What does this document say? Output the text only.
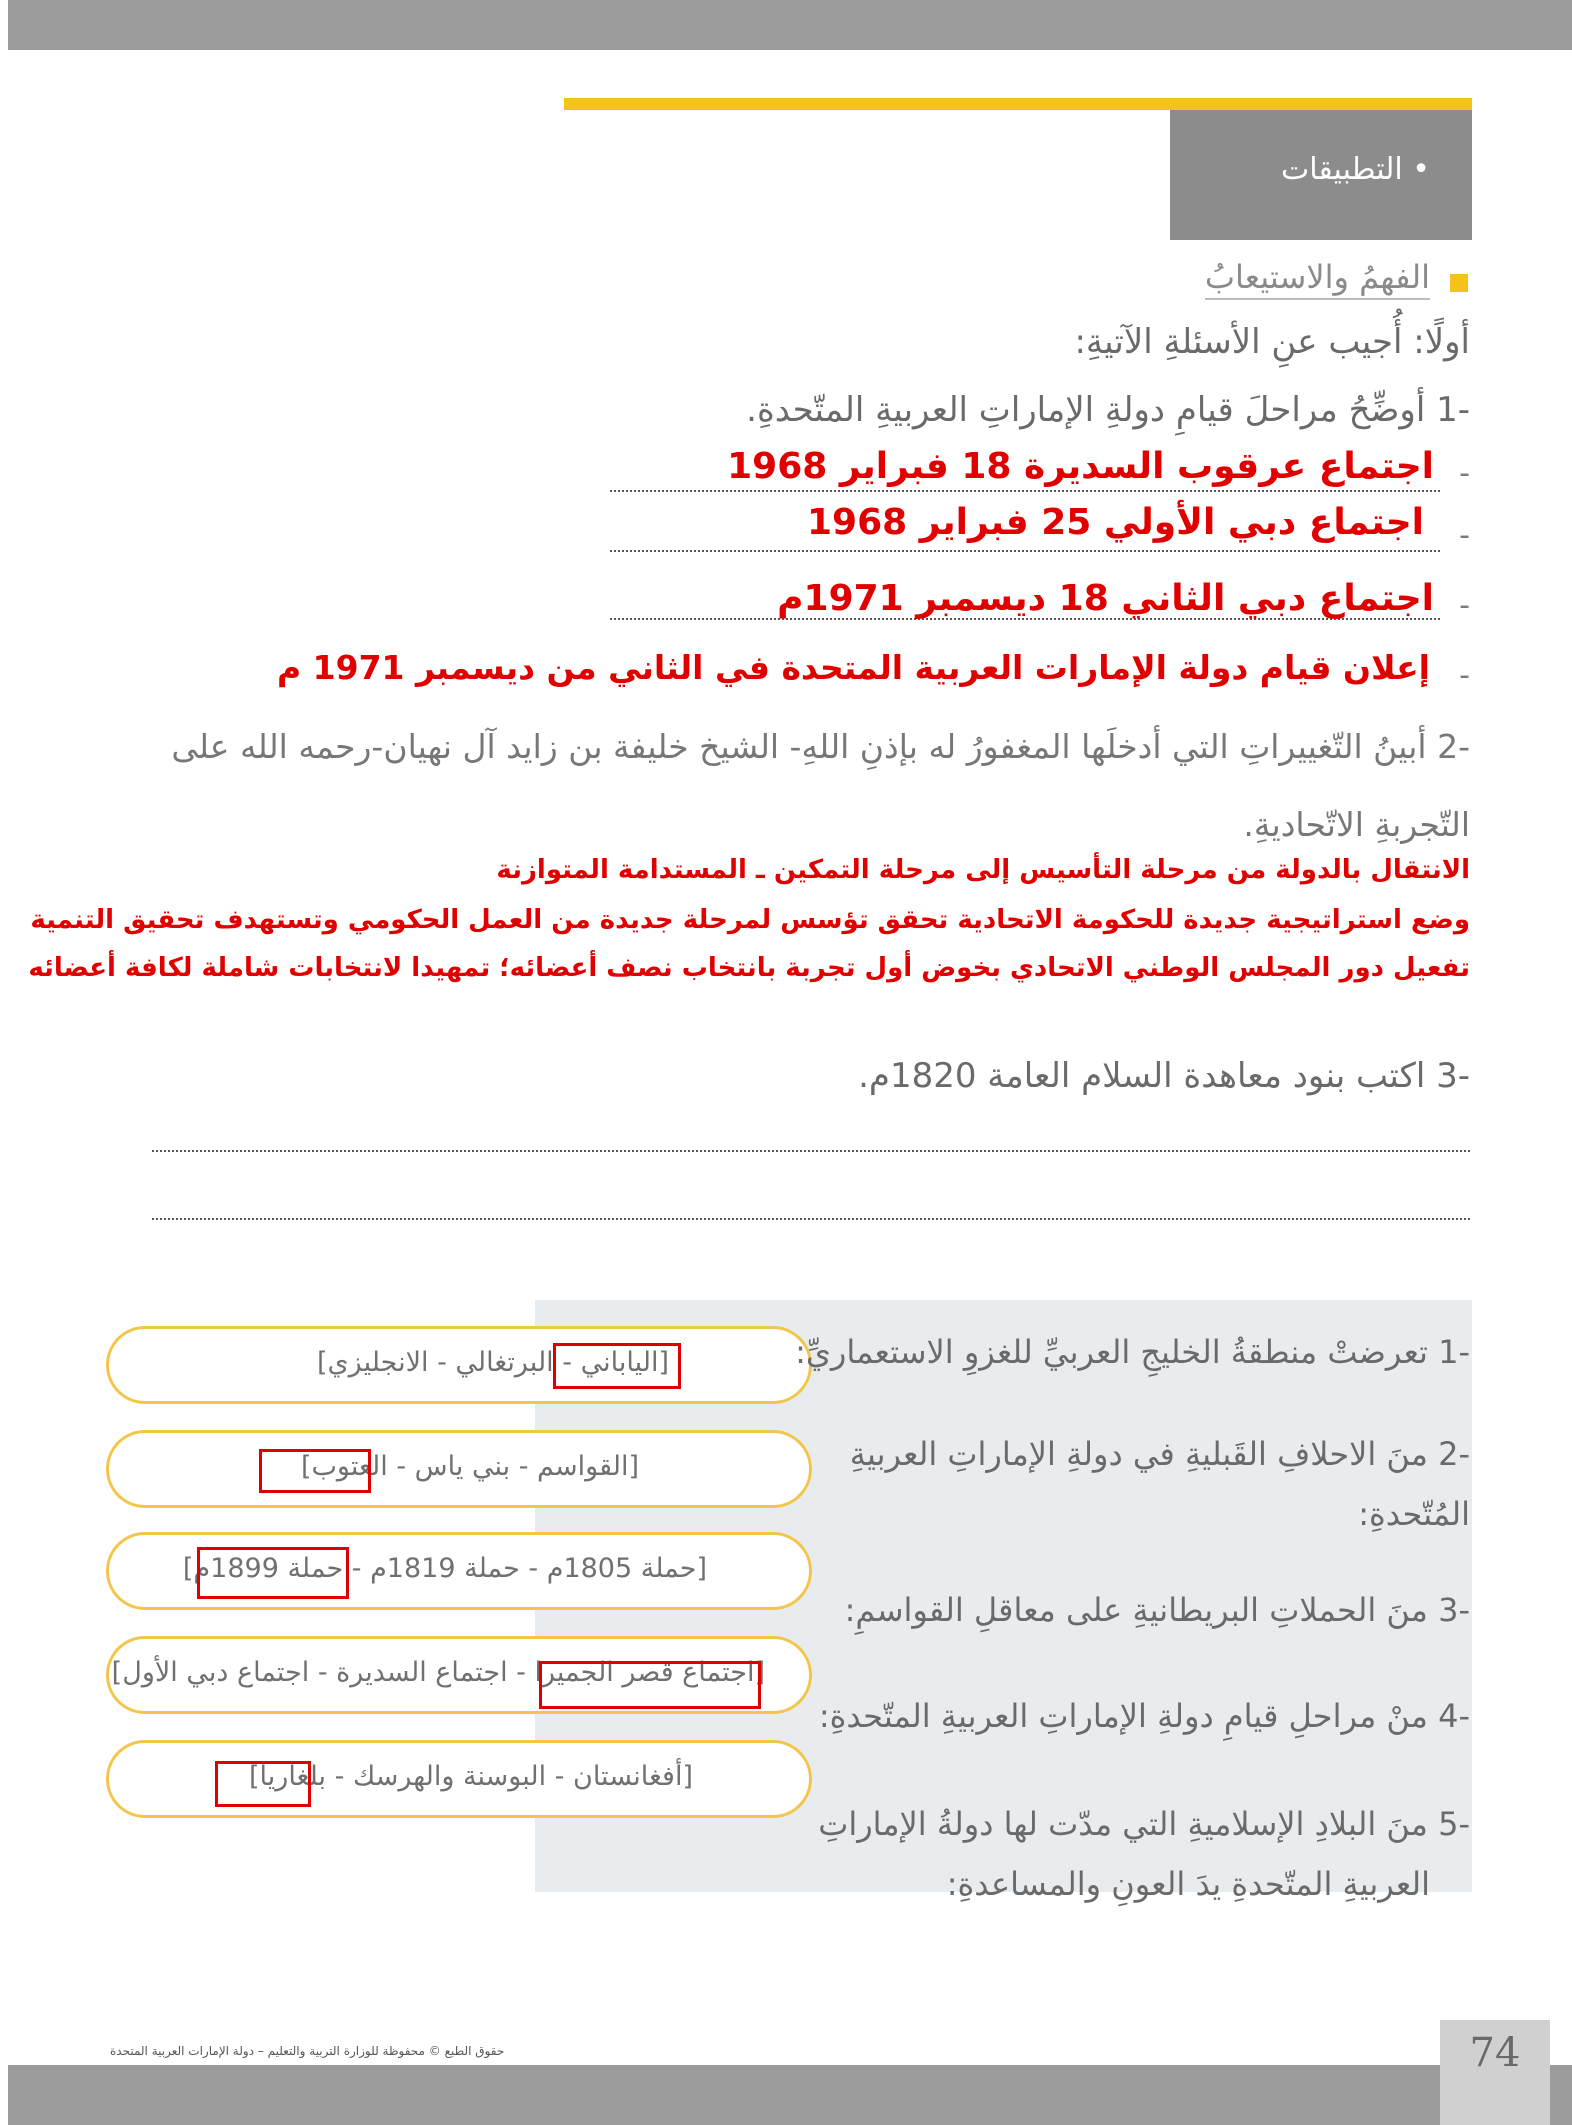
• التطبيقات
الفهمُ والاستيعابُ
أولًا: أُجيب عنِ الأسئلةِ الآتيةِ:
-1 أوضِّحُ مراحلَ قيامِ دولةِ الإماراتِ العربيةِ المتّحدةِ.
-
اجتماع عرقوب السديرة 18 فبراير 1968
-
اجتماع دبي الأولي 25 فبراير 1968
-
اجتماع دبي الثاني 18 ديسمبر 1971م
-
إعلان قيام دولة الإمارات العربية المتحدة في الثاني من ديسمبر 1971 م
-2 أبينُ التّغييراتِ التي أدخلَها المغفورُ له بإذنِ اللهِ- الشيخ خليفة بن زايد آل نهيان-رحمه الله على
التّجربةِ الاتّحاديةِ.
الانتقال بالدولة من مرحلة التأسيس إلى مرحلة التمكين ـ المستدامة المتوازنة
وضع استراتيجية جديدة للحكومة الاتحادية تحقق تؤسس لمرحلة جديدة من العمل الحكومي وتستهدف تحقيق التنمية
تفعيل دور المجلس الوطني الاتحادي بخوض أول تجربة بانتخاب نصف أعضائه؛ تمهيدا لانتخابات شاملة لكافة أعضائه
-3 اكتب بنود معاهدة السلام العامة 1820م.
[الياباني - البرتغالي - الانجليزي]	-1 تعرضتْ منطقةُ الخليجِ العربيِّ للغزوِ الاستعماريِّ:
[القواسم - بني ياس - العتوب]	-2 منَ الاحلافِ القَبليةِ في دولةِ الإماراتِ العربيةِ
المُتّحدةِ:
[حملة 1805م - حملة 1819م - حملة 1899م]
-3 منَ الحملاتِ البريطانيةِ على معاقلِ القواسمِ:
[اجتماع قصر الجميرا - اجتماع السديرة - اجتماع دبي الأول]
-4 منْ مراحلِ قيامِ دولةِ الإماراتِ العربيةِ المتّحدةِ:
[أفغانستان - البوسنة والهرسك - بلغاريا]
-5 منَ البلادِ الإسلاميةِ التي مدّت لها دولةُ الإماراتِ
العربيةِ المتّحدةِ يدَ العونِ والمساعدةِ:
74
حقوق الطبع © محفوظة للوزارة التربية والتعليم – دولة الإمارات العربية المتحدة
